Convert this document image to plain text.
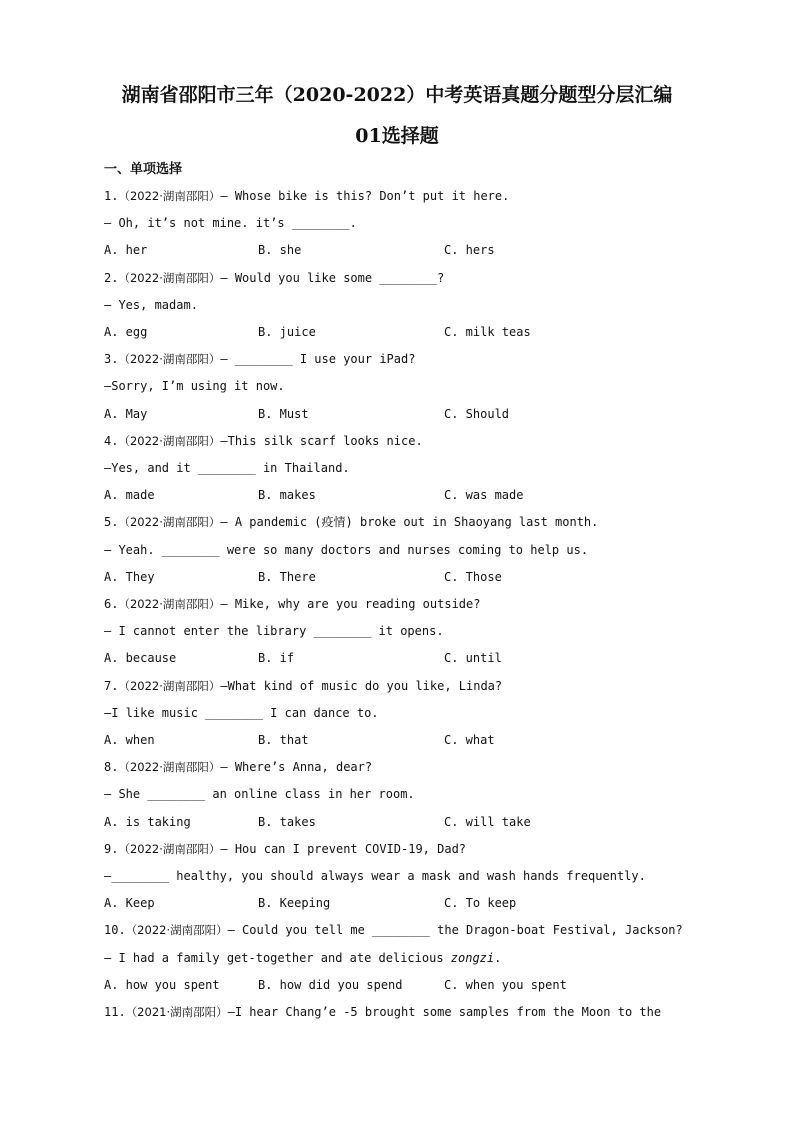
湖南省邵阳市三年（2020-2022）中考英语真题分题型分层汇编
01选择题
一、单项选择
1.（2022·湖南邵阳）— Whose bike is this? Don’t put it here.
— Oh, it’s not mine. it’s ________.
A. her	B. she	C. hers
2.（2022·湖南邵阳）— Would you like some ________?
— Yes, madam.
A. egg	B. juice	C. milk teas
3.（2022·湖南邵阳）— ________ I use your iPad?
—Sorry, I’m using it now.
A. May	B. Must	C. Should
4.（2022·湖南邵阳）—This silk scarf looks nice.
—Yes, and it ________ in Thailand.
A. made	B. makes	C. was made
5.（2022·湖南邵阳）— A pandemic (疫情) broke out in Shaoyang last month.
— Yeah. ________ were so many doctors and nurses coming to help us.
A. They	B. There	C. Those
6.（2022·湖南邵阳）— Mike, why are you reading outside?
— I cannot enter the library ________ it opens.
A. because	B. if	C. until
7.（2022·湖南邵阳）—What kind of music do you like, Linda?
—I like music ________ I can dance to.
A. when	B. that	C. what
8.（2022·湖南邵阳）— Where’s Anna, dear?
— She ________ an online class in her room.
A. is taking	B. takes	C. will take
9.（2022·湖南邵阳）— Hou can I prevent COVID-19, Dad?
—________ healthy, you should always wear a mask and wash hands frequently.
A. Keep	B. Keeping	C. To keep
10.（2022·湖南邵阳）— Could you tell me ________ the Dragon-boat Festival, Jackson?
— I had a family get-together and ate delicious zongzi.
A. how you spent	B. how did you spend	C. when you spent
11.（2021·湖南邵阳）—I hear Chang’e -5 brought some samples from the Moon to the
